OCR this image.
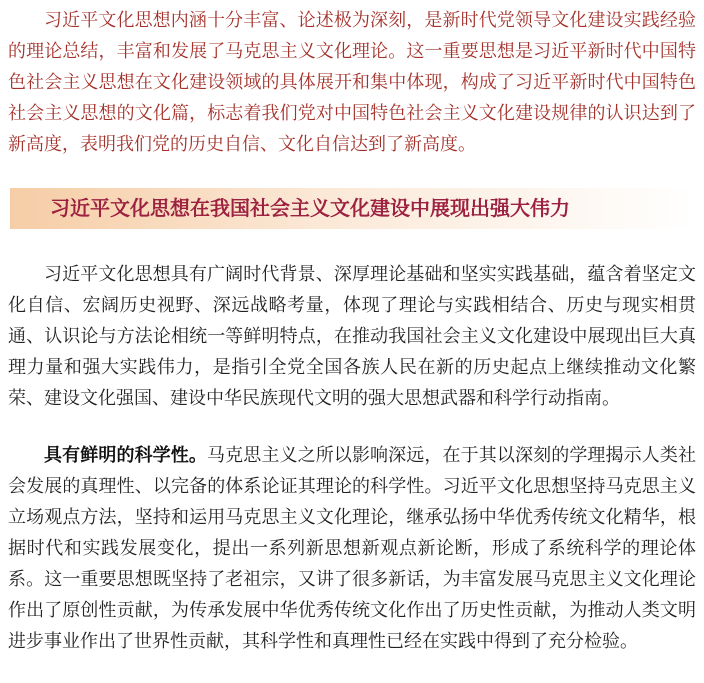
习近平文化思想内涵十分丰富、论述极为深刻，是新时代党领导文化建设实践经验的理论总结，丰富和发展了马克思主义文化理论。这一重要思想是习近平新时代中国特色社会主义思想在文化建设领域的具体展开和集中体现，构成了习近平新时代中国特色社会主义思想的文化篇，标志着我们党对中国特色社会主义文化建设规律的认识达到了新高度，表明我们党的历史自信、文化自信达到了新高度。

习近平文化思想在我国社会主义文化建设中展现出强大伟力

习近平文化思想具有广阔时代背景、深厚理论基础和坚实实践基础，蕴含着坚定文化自信、宏阔历史视野、深远战略考量，体现了理论与实践相结合、历史与现实相贯通、认识论与方法论相统一等鲜明特点，在推动我国社会主义文化建设中展现出巨大真理力量和强大实践伟力，是指引全党全国各族人民在新的历史起点上继续推动文化繁荣、建设文化强国、建设中华民族现代文明的强大思想武器和科学行动指南。

具有鲜明的科学性。马克思主义之所以影响深远，在于其以深刻的学理揭示人类社会发展的真理性、以完备的体系论证其理论的科学性。习近平文化思想坚持马克思主义立场观点方法，坚持和运用马克思主义文化理论，继承弘扬中华优秀传统文化精华，根据时代和实践发展变化，提出一系列新思想新观点新论断，形成了系统科学的理论体系。这一重要思想既坚持了老祖宗，又讲了很多新话，为丰富发展马克思主义文化理论作出了原创性贡献，为传承发展中华优秀传统文化作出了历史性贡献，为推动人类文明进步事业作出了世界性贡献，其科学性和真理性已经在实践中得到了充分检验。
